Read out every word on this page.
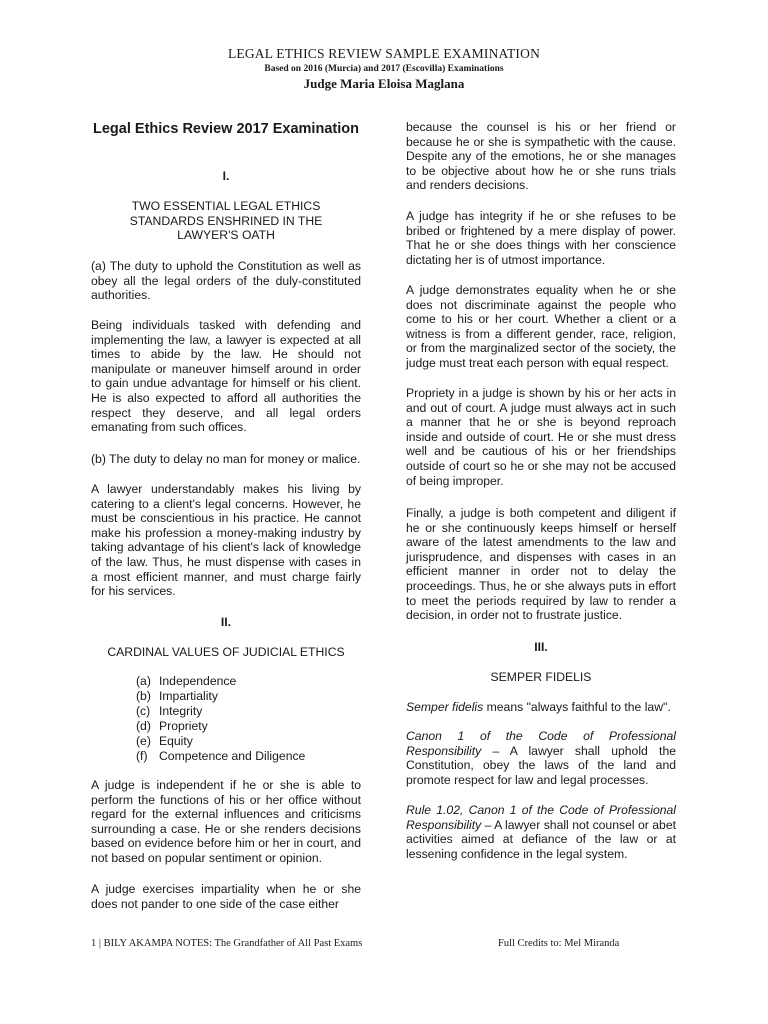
LEGAL ETHICS REVIEW SAMPLE EXAMINATION
Based on 2016 (Murcia) and 2017 (Escovilla) Examinations
Judge Maria Eloisa Maglana

Legal Ethics Review 2017 Examination

I.

TWO ESSENTIAL LEGAL ETHICS STANDARDS ENSHRINED IN THE LAWYER'S OATH

(a) The duty to uphold the Constitution as well as obey all the legal orders of the duly-constituted authorities.

Being individuals tasked with defending and implementing the law, a lawyer is expected at all times to abide by the law. He should not manipulate or maneuver himself around in order to gain undue advantage for himself or his client. He is also expected to afford all authorities the respect they deserve, and all legal orders emanating from such offices.

(b) The duty to delay no man for money or malice.

A lawyer understandably makes his living by catering to a client's legal concerns. However, he must be conscientious in his practice. He cannot make his profession a money-making industry by taking advantage of his client's lack of knowledge of the law. Thus, he must dispense with cases in a most efficient manner, and must charge fairly for his services.

II.

CARDINAL VALUES OF JUDICIAL ETHICS

(a) Independence
(b) Impartiality
(c) Integrity
(d) Propriety
(e) Equity
(f) Competence and Diligence

A judge is independent if he or she is able to perform the functions of his or her office without regard for the external influences and criticisms surrounding a case. He or she renders decisions based on evidence before him or her in court, and not based on popular sentiment or opinion.

A judge exercises impartiality when he or she does not pander to one side of the case either

because the counsel is his or her friend or because he or she is sympathetic with the cause. Despite any of the emotions, he or she manages to be objective about how he or she runs trials and renders decisions.

A judge has integrity if he or she refuses to be bribed or frightened by a mere display of power. That he or she does things with her conscience dictating her is of utmost importance.

A judge demonstrates equality when he or she does not discriminate against the people who come to his or her court. Whether a client or a witness is from a different gender, race, religion, or from the marginalized sector of the society, the judge must treat each person with equal respect.

Propriety in a judge is shown by his or her acts in and out of court. A judge must always act in such a manner that he or she is beyond reproach inside and outside of court. He or she must dress well and be cautious of his or her friendships outside of court so he or she may not be accused of being improper.

Finally, a judge is both competent and diligent if he or she continuously keeps himself or herself aware of the latest amendments to the law and jurisprudence, and dispenses with cases in an efficient manner in order not to delay the proceedings. Thus, he or she always puts in effort to meet the periods required by law to render a decision, in order not to frustrate justice.

III.

SEMPER FIDELIS

Semper fidelis means "always faithful to the law".

Canon 1 of the Code of Professional Responsibility – A lawyer shall uphold the Constitution, obey the laws of the land and promote respect for law and legal processes.

Rule 1.02, Canon 1 of the Code of Professional Responsibility – A lawyer shall not counsel or abet activities aimed at defiance of the law or at lessening confidence in the legal system.

1 | BILY AKAMPA NOTES: The Grandfather of All Past Exams	Full Credits to: Mel Miranda
